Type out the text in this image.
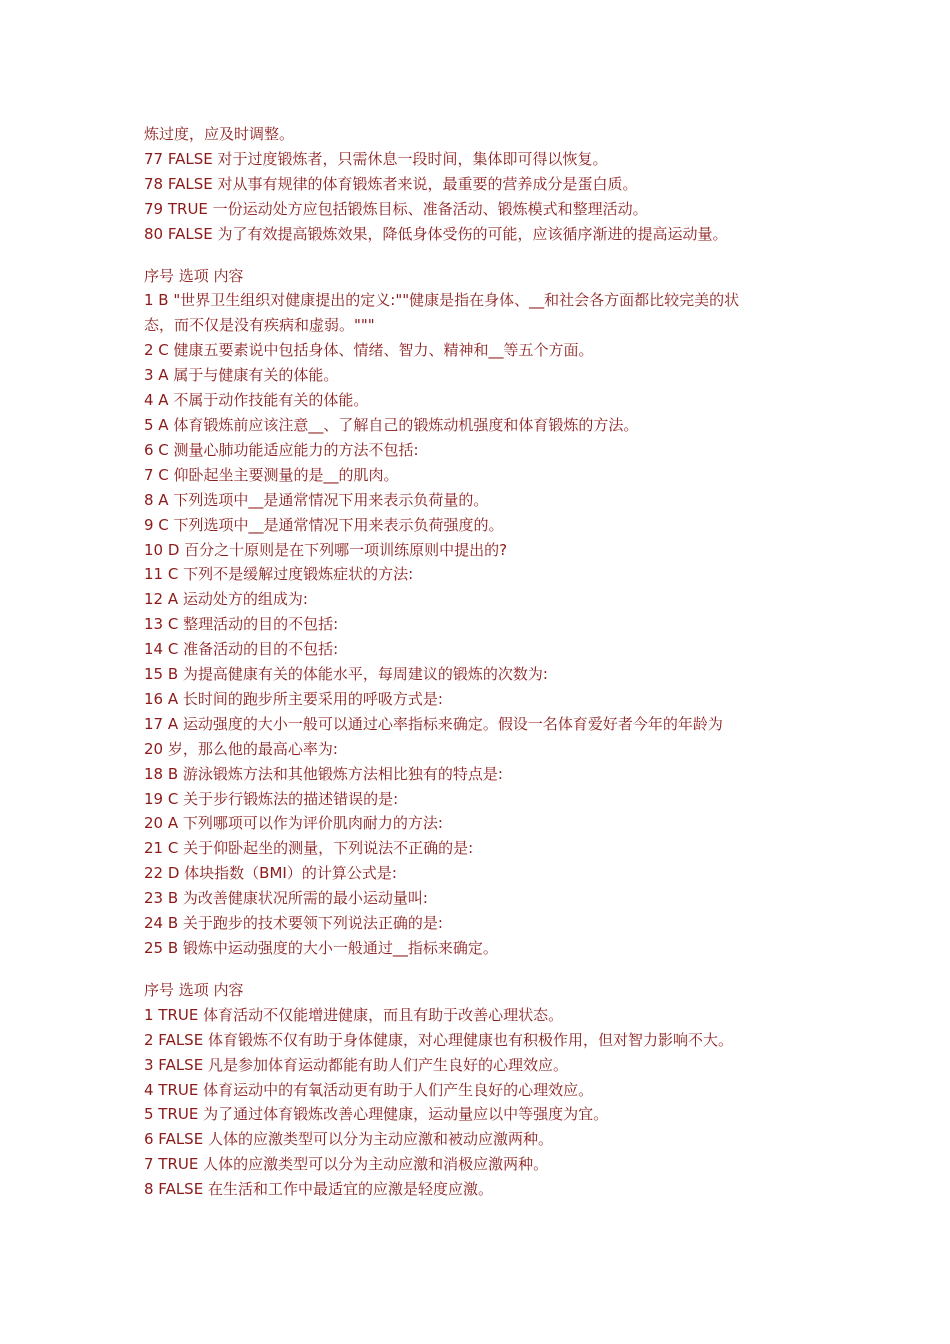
炼过度，应及时调整。
77 FALSE 对于过度锻炼者，只需休息一段时间，集体即可得以恢复。
78 FALSE 对从事有规律的体育锻炼者来说，最重要的营养成分是蛋白质。
79 TRUE 一份运动处方应包括锻炼目标、准备活动、锻炼模式和整理活动。
80 FALSE 为了有效提高锻炼效果，降低身体受伤的可能，应该循序渐进的提高运动量。
序号 选项 内容
1 B "世界卫生组织对健康提出的定义:""健康是指在身体、__和社会各方面都比较完美的状
态，而不仅是没有疾病和虚弱。"""
2 C 健康五要素说中包括身体、情绪、智力、精神和__等五个方面。
3 A 属于与健康有关的体能。
4 A 不属于动作技能有关的体能。
5 A 体育锻炼前应该注意__、了解自己的锻炼动机强度和体育锻炼的方法。
6 C 测量心肺功能适应能力的方法不包括:
7 C 仰卧起坐主要测量的是__的肌肉。
8 A 下列选项中__是通常情况下用来表示负荷量的。
9 C 下列选项中__是通常情况下用来表示负荷强度的。
10 D 百分之十原则是在下列哪一项训练原则中提出的?
11 C 下列不是缓解过度锻炼症状的方法:
12 A 运动处方的组成为:
13 C 整理活动的目的不包括:
14 C 准备活动的目的不包括:
15 B 为提高健康有关的体能水平，每周建议的锻炼的次数为:
16 A 长时间的跑步所主要采用的呼吸方式是:
17 A 运动强度的大小一般可以通过心率指标来确定。假设一名体育爱好者今年的年龄为
20 岁，那么他的最高心率为:
18 B 游泳锻炼方法和其他锻炼方法相比独有的特点是:
19 C 关于步行锻炼法的描述错误的是:
20 A 下列哪项可以作为评价肌肉耐力的方法:
21 C 关于仰卧起坐的测量，下列说法不正确的是:
22 D 体块指数（BMI）的计算公式是:
23 B 为改善健康状况所需的最小运动量叫:
24 B 关于跑步的技术要领下列说法正确的是:
25 B 锻炼中运动强度的大小一般通过__指标来确定。
序号 选项 内容
1 TRUE 体育活动不仅能增进健康，而且有助于改善心理状态。
2 FALSE 体育锻炼不仅有助于身体健康，对心理健康也有积极作用，但对智力影响不大。
3 FALSE 凡是参加体育运动都能有助人们产生良好的心理效应。
4 TRUE 体育运动中的有氧活动更有助于人们产生良好的心理效应。
5 TRUE 为了通过体育锻炼改善心理健康，运动量应以中等强度为宜。
6 FALSE 人体的应激类型可以分为主动应激和被动应激两种。
7 TRUE 人体的应激类型可以分为主动应激和消极应激两种。
8 FALSE 在生活和工作中最适宜的应激是轻度应激。
